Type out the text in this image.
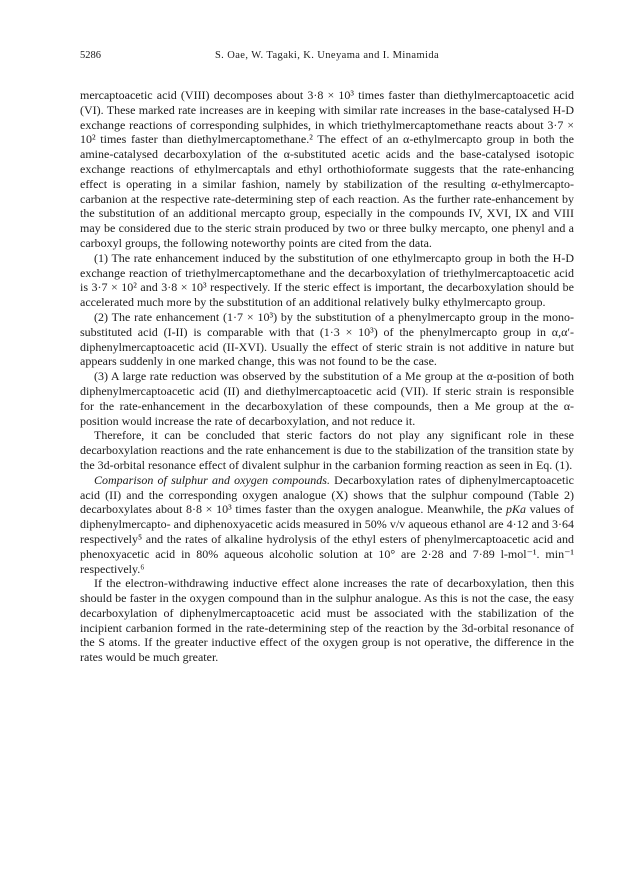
5286	S. Oae, W. Tagaki, K. Uneyama and I. Minamida

mercaptoacetic acid (VIII) decomposes about 3·8 × 10³ times faster than diethylmercaptoacetic acid (VI). These marked rate increases are in keeping with similar rate increases in the base-catalysed H-D exchange reactions of corresponding sulphides, in which triethylmercaptomethane reacts about 3·7 × 10² times faster than diethylmercaptomethane.² The effect of an α-ethylmercapto group in both the amine-catalysed decarboxylation of the α-substituted acetic acids and the base-catalysed isotopic exchange reactions of ethylmercaptals and ethyl orthothioformate suggests that the rate-enhancing effect is operating in a similar fashion, namely by stabilization of the resulting α-ethylmercapto-carbanion at the respective rate-determining step of each reaction. As the further rate-enhancement by the substitution of an additional mercapto group, especially in the compounds IV, XVI, IX and VIII may be considered due to the steric strain produced by two or three bulky mercapto, one phenyl and a carboxyl groups, the following noteworthy points are cited from the data.

(1) The rate enhancement induced by the substitution of one ethylmercapto group in both the H-D exchange reaction of triethylmercaptomethane and the decarboxylation of triethylmercaptoacetic acid is 3·7 × 10² and 3·8 × 10³ respectively. If the steric effect is important, the decarboxylation should be accelerated much more by the substitution of an additional relatively bulky ethylmercapto group.

(2) The rate enhancement (1·7 × 10³) by the substitution of a phenylmercapto group in the mono-substituted acid (I-II) is comparable with that (1·3 × 10³) of the phenylmercapto group in α,α′-diphenylmercaptoacetic acid (II-XVI). Usually the effect of steric strain is not additive in nature but appears suddenly in one marked change, this was not found to be the case.

(3) A large rate reduction was observed by the substitution of a Me group at the α-position of both diphenylmercaptoacetic acid (II) and diethylmercaptoacetic acid (VII). If steric strain is responsible for the rate-enhancement in the decarboxylation of these compounds, then a Me group at the α-position would increase the rate of decarboxylation, and not reduce it.

Therefore, it can be concluded that steric factors do not play any significant role in these decarboxylation reactions and the rate enhancement is due to the stabilization of the transition state by the 3d-orbital resonance effect of divalent sulphur in the carbanion forming reaction as seen in Eq. (1).

Comparison of sulphur and oxygen compounds. Decarboxylation rates of diphenylmercaptoacetic acid (II) and the corresponding oxygen analogue (X) shows that the sulphur compound (Table 2) decarboxylates about 8·8 × 10³ times faster than the oxygen analogue. Meanwhile, the pKa values of diphenylmercapto- and diphenoxyacetic acids measured in 50% v/v aqueous ethanol are 4·12 and 3·64 respectively⁵ and the rates of alkaline hydrolysis of the ethyl esters of phenylmercaptoacetic acid and phenoxyacetic acid in 80% aqueous alcoholic solution at 10° are 2·28 and 7·89 l-mol⁻¹. min⁻¹ respectively.⁶

If the electron-withdrawing inductive effect alone increases the rate of decarboxylation, then this should be faster in the oxygen compound than in the sulphur analogue. As this is not the case, the easy decarboxylation of diphenylmercaptoacetic acid must be associated with the stabilization of the incipient carbanion formed in the rate-determining step of the reaction by the 3d-orbital resonance of the S atoms. If the greater inductive effect of the oxygen group is not operative, the difference in the rates would be much greater.
